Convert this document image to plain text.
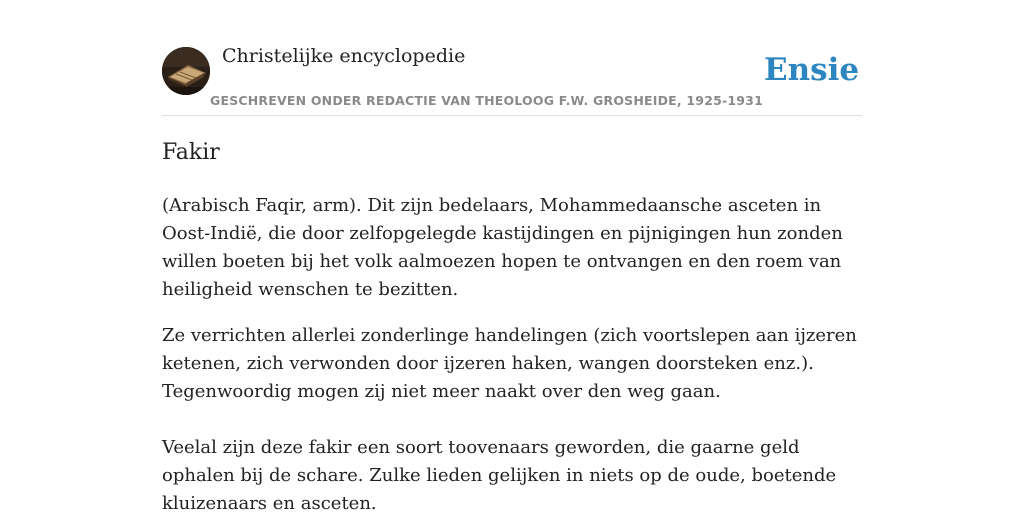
Christelijke encyclopedie
GESCHREVEN ONDER REDACTIE VAN THEOLOOG F.W. GROSHEIDE, 1925-1931
Ensie
Fakir

(Arabisch Faqir, arm). Dit zijn bedelaars, Mohammedaansche asceten in Oost-Indië, die door zelfopgelegde kastijdingen en pijnigingen hun zonden willen boeten bij het volk aalmoezen hopen te ontvangen en den roem van heiligheid wenschen te bezitten.

Ze verrichten allerlei zonderlinge handelingen (zich voortslepen aan ijzeren ketenen, zich verwonden door ijzeren haken, wangen doorsteken enz.). Tegenwoordig mogen zij niet meer naakt over den weg gaan.

Veelal zijn deze fakir een soort toovenaars geworden, die gaarne geld ophalen bij de schare. Zulke lieden gelijken in niets op de oude, boetende kluizenaars en asceten.
